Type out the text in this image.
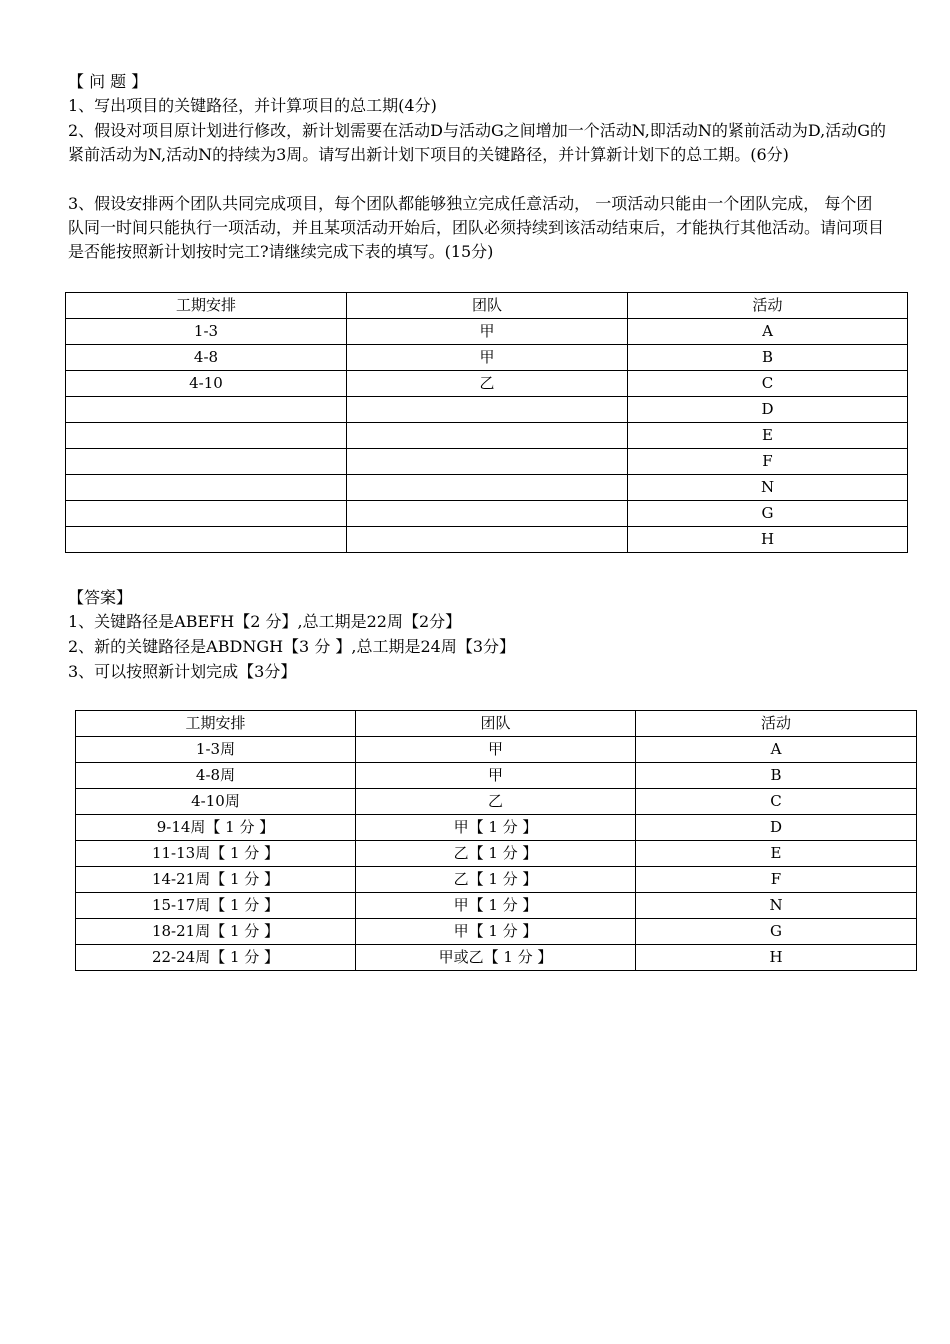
【 问 题 】
1、写出项目的关键路径，并计算项目的总工期(4分)
2、假设对项目原计划进行修改，新计划需要在活动D与活动G之间增加一个活动N,即活动N的紧前活动为D,活动G的紧前活动为N,活动N的持续为3周。请写出新计划下项目的关键路径，并计算新计划下的总工期。(6分)
3、假设安排两个团队共同完成项目，每个团队都能够独立完成任意活动， 一项活动只能由一个团队完成， 每个团队同一时间只能执行一项活动，并且某项活动开始后，团队必须持续到该活动结束后，才能执行其他活动。请问项目是否能按照新计划按时完工?请继续完成下表的填写。(15分)
工期安排	团队	活动
1-3	甲	A
4-8	甲	B
4-10	乙	C
		D
		E
		F
		N
		G
		H
【答案】
1、关键路径是ABEFH【2 分】,总工期是22周【2分】
2、新的关键路径是ABDNGH【3 分 】,总工期是24周【3分】
3、可以按照新计划完成【3分】
工期安排	团队	活动
1-3周	甲	A
4-8周	甲	B
4-10周	乙	C
9-14周【 1 分 】	甲【 1 分 】	D
11-13周【 1 分 】	乙【 1 分 】	E
14-21周【 1 分 】	乙【 1 分 】	F
15-17周【 1 分 】	甲【 1 分 】	N
18-21周【 1 分 】	甲【 1 分 】	G
22-24周【 1 分 】	甲或乙【 1 分 】	H
